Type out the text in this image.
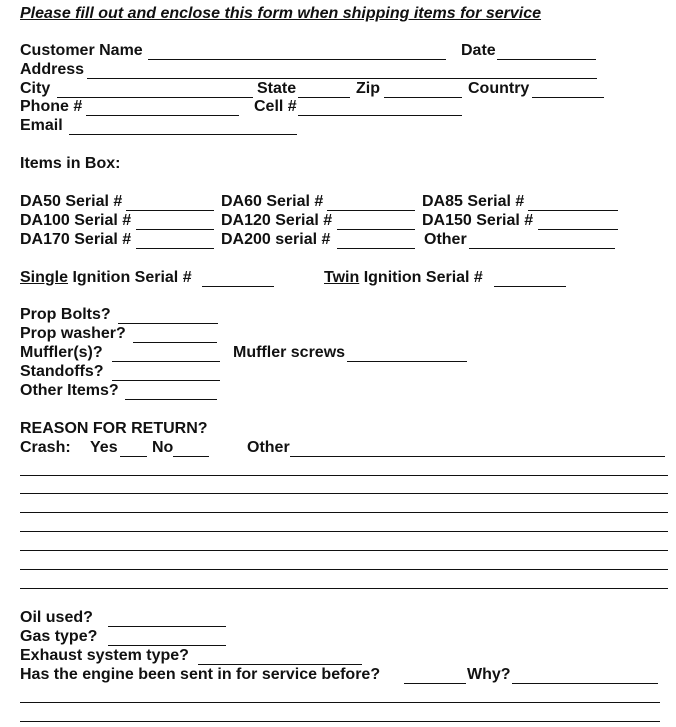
Please fill out and enclose this form when shipping items for service
Customer Name	Date
Address
City	State	Zip	Country
Phone #	Cell #
Email
Items in Box:
DA50 Serial #	DA60 Serial #	DA85 Serial #
DA100 Serial #	DA120 Serial #	DA150 Serial #
DA170 Serial #	DA200 serial #	Other
Single Ignition Serial #	Twin Ignition Serial #
Prop Bolts?
Prop washer?
Muffler(s)?	Muffler screws
Standoffs?
Other Items?
REASON FOR RETURN?
Crash: Yes No	Other
Oil used?
Gas type?
Exhaust system type?
Has the engine been sent in for service before?	Why?
